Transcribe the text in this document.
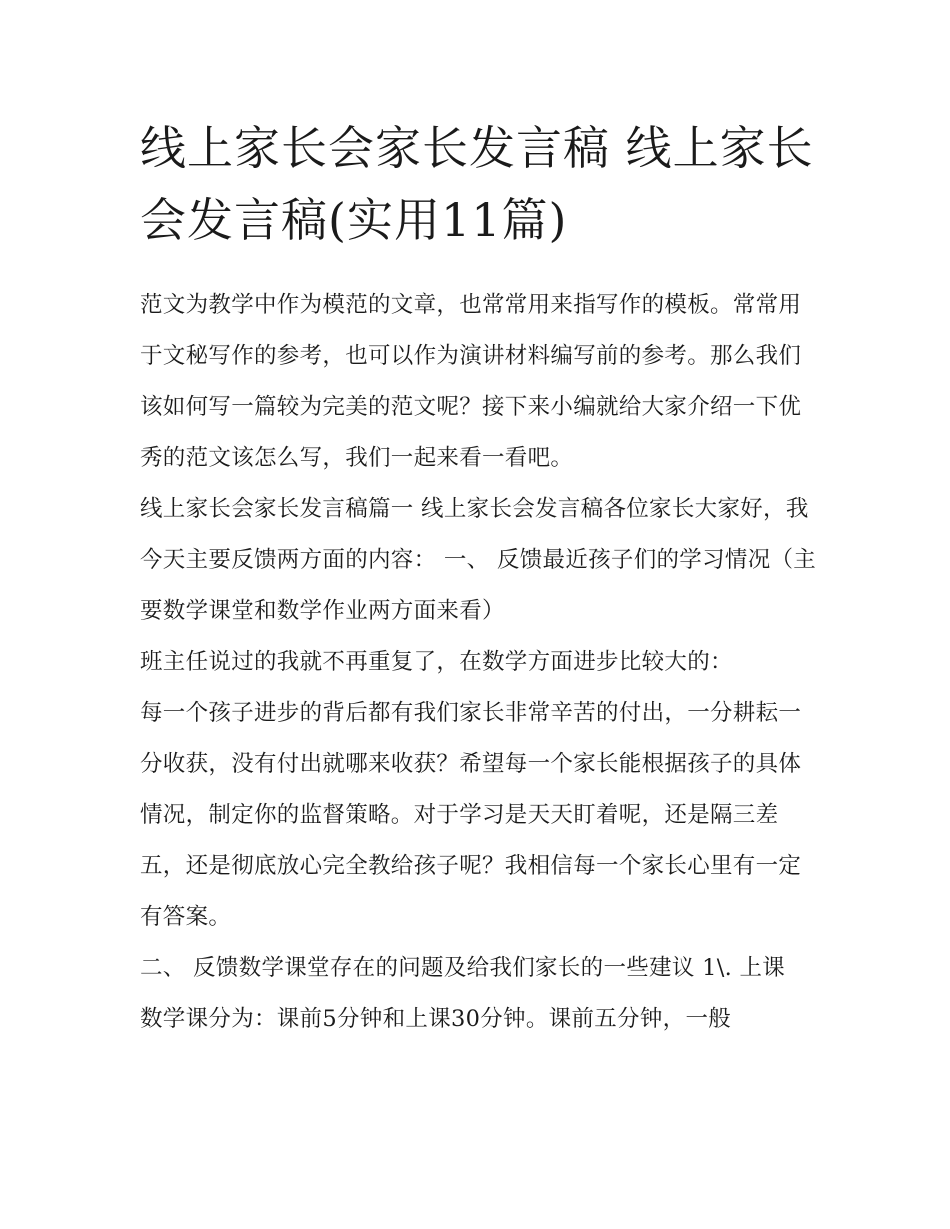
线上家长会家长发言稿 线上家长会发言稿(实用11篇)

范文为教学中作为模范的文章，也常常用来指写作的模板。常常用于文秘写作的参考，也可以作为演讲材料编写前的参考。那么我们该如何写一篇较为完美的范文呢？接下来小编就给大家介绍一下优秀的范文该怎么写，我们一起来看一看吧。

线上家长会家长发言稿篇一 线上家长会发言稿各位家长大家好，我今天主要反馈两方面的内容： 一、 反馈最近孩子们的学习情况（主要数学课堂和数学作业两方面来看）

班主任说过的我就不再重复了，在数学方面进步比较大的：

每一个孩子进步的背后都有我们家长非常辛苦的付出，一分耕耘一分收获，没有付出就哪来收获？希望每一个家长能根据孩子的具体情况，制定你的监督策略。对于学习是天天盯着呢，还是隔三差五，还是彻底放心完全教给孩子呢？我相信每一个家长心里有一定有答案。

二、 反馈数学课堂存在的问题及给我们家长的一些建议 1\. 上课

数学课分为：课前5分钟和上课30分钟。课前五分钟，一般
